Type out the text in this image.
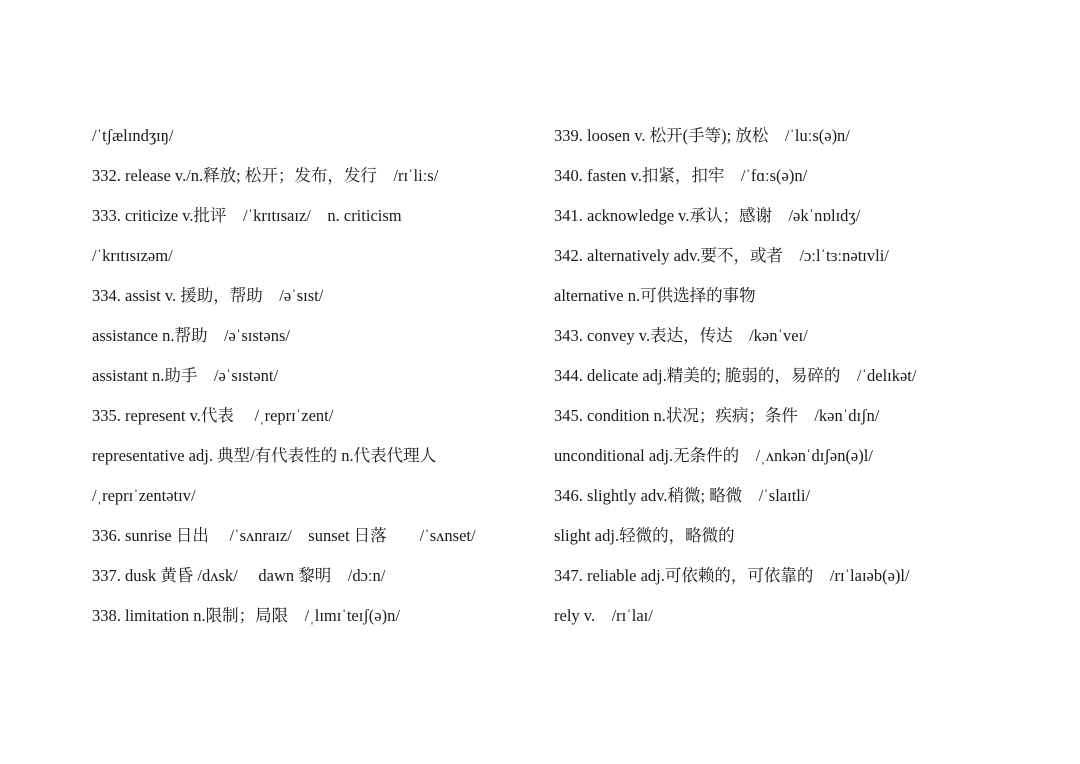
/ˈtʃælɪndʒɪŋ/
332. release v./n.释放; 松开；发布，发行　/rɪˈliːs/
333. criticize v.批评　/ˈkrɪtɪsaɪz/　n. criticism
/ˈkrɪtɪsɪzəm/
334. assist v. 援助，帮助　/əˈsɪst/
assistance n.帮助　/əˈsɪstəns/
assistant n.助手　/əˈsɪstənt/
335. represent v.代表　 /ˌreprɪˈzent/
representative adj. 典型/有代表性的 n.代表代理人
/ˌreprɪˈzentətɪv/
336. sunrise 日出　 /ˈsʌnraɪz/　sunset 日落　　/ˈsʌnset/
337. dusk 黄昏 /dʌsk/　 dawn 黎明　/dɔːn/
338. limitation n.限制；局限　/ˌlɪmɪˈteɪʃ(ə)n/
339. loosen v. 松开(手等); 放松　/ˈluːs(ə)n/
340. fasten v.扣紧，扣牢　/ˈfɑːs(ə)n/
341. acknowledge v.承认；感谢　/əkˈnɒlɪdʒ/
342. alternatively adv.要不，或者　/ɔːlˈtɜːnətɪvli/
alternative n.可供选择的事物
343. convey v.表达，传达　/kənˈveɪ/
344. delicate adj.精美的; 脆弱的，易碎的　/ˈdelɪkət/
345. condition n.状况；疾病；条件　/kənˈdɪʃn/
unconditional adj.无条件的　/ˌʌnkənˈdɪʃən(ə)l/
346. slightly adv.稍微; 略微　/ˈslaɪtli/
slight adj.轻微的，略微的
347. reliable adj.可依赖的，可依靠的　/rɪˈlaɪəb(ə)l/
rely v.　/rɪˈlaɪ/
